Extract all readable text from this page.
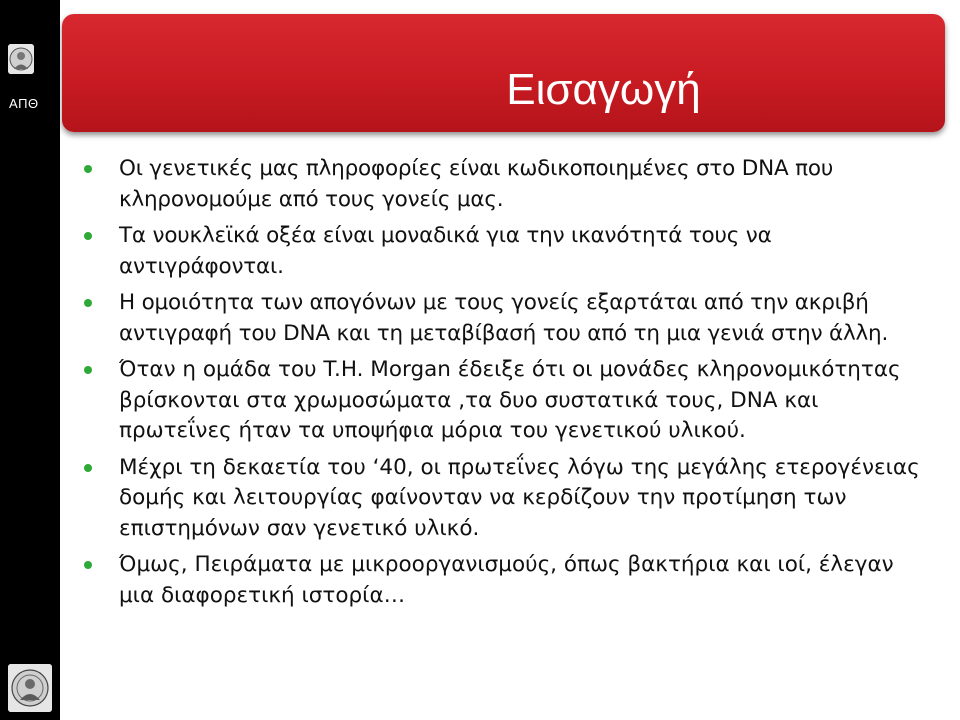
ΑΠΘ	Εισαγωγή
Οι γενετικές μας πληροφορίες είναι κωδικοποιημένες στο DNA που κληρονομούμε από τους γονείς μας.
Τα νουκλεϊκά οξέα είναι μοναδικά για την ικανότητά τους να αντιγράφονται.
Η ομοιότητα των απογόνων με τους γονείς εξαρτάται από την ακριβή αντιγραφή του DNA και τη μεταβίβασή του από τη μια γενιά στην άλλη.
Όταν η ομάδα του T.H. Morgan έδειξε ότι οι μονάδες κληρονομικότητας βρίσκονται στα χρωμοσώματα ,τα δυο συστατικά τους, DNA και πρωτεΐνες ήταν τα υποψήφια μόρια του γενετικού υλικού.
Μέχρι τη δεκαετία του ‘40, οι πρωτεΐνες λόγω της μεγάλης ετερογένειας δομής και λειτουργίας φαίνονταν να κερδίζουν την προτίμηση των επιστημόνων σαν γενετικό υλικό.
Όμως, Πειράματα με μικροοργανισμούς, όπως βακτήρια και ιοί, έλεγαν μια διαφορετική ιστορία…
